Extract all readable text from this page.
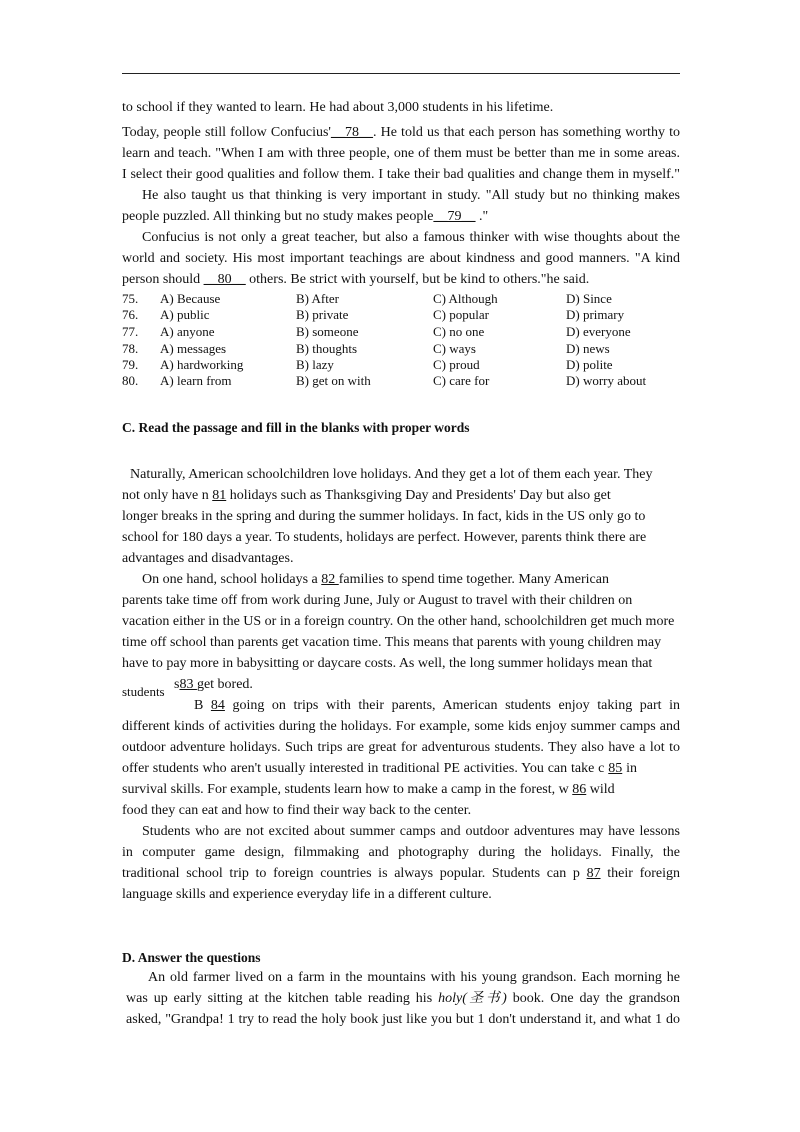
to school if they wanted to learn. He had about 3,000 students in his lifetime.
Today, people still follow Confucius'__78__. He told us that each person has something worthy to
learn and teach. "When I am with three people, one of them must be better than me in some areas.
I select their good qualities and follow them. I take their bad qualities and change them in myself."
He also taught us that thinking is very important in study. "All study but no thinking makes
people puzzled. All thinking but no study makes people__79__ ."
Confucius is not only a great teacher, but also a famous thinker with wise thoughts about the
world and society. His most important teachings are about kindness and good manners. "A kind
person should __80__ others. Be strict with yourself, but be kind to others."he said.
75. A) Because	B) After	C) Although	D) Since
76. A) public	B) private	C) popular	D) primary
77. A) anyone	B) someone	C) no one	D) everyone
78. A) messages	B) thoughts	C) ways	D) news
79. A) hardworking	B) lazy	C) proud	D) polite
80. A) learn from	B) get on with	C) care for	D) worry about
C. Read the passage and fill in the blanks with proper words
Naturally, American schoolchildren love holidays. And they get a lot of them each year. They
not only have n 81 holidays such as Thanksgiving Day and Presidents' Day but also get
longer breaks in the spring and during the summer holidays. In fact, kids in the US only go to
school for 180 days a year. To students, holidays are perfect. However, parents think there are
advantages and disadvantages.
On one hand, school holidays a 82 families to spend time together. Many American
parents take time off from work during June, July or August to travel with their children on
vacation either in the US or in a foreign country. On the other hand, schoolchildren get much more
time off school than parents get vacation time. This means that parents with young children may
have to pay more in babysitting or daycare costs. As well, the long summer holidays mean that
students s83 get bored.
B 84 going on trips with their parents, American students enjoy taking part in
different kinds of activities during the holidays. For example, some kids enjoy summer camps and
outdoor adventure holidays. Such trips are great for adventurous students. They also have a lot to
offer students who aren't usually interested in traditional PE activities. You can take c 85 in
survival skills. For example, students learn how to make a camp in the forest, w 86 wild
food they can eat and how to find their way back to the center.
Students who are not excited about summer camps and outdoor adventures may have lessons
in computer game design, filmmaking and photography during the holidays. Finally, the
traditional school trip to foreign countries is always popular. Students can p 87 their foreign
language skills and experience everyday life in a different culture.
D. Answer the questions
An old farmer lived on a farm in the mountains with his young grandson. Each morning he
was up early sitting at the kitchen table reading his holy(圣书) book. One day the grandson
asked, "Grandpa! 1 try to read the holy book just like you but 1 don't understand it, and what 1 do
